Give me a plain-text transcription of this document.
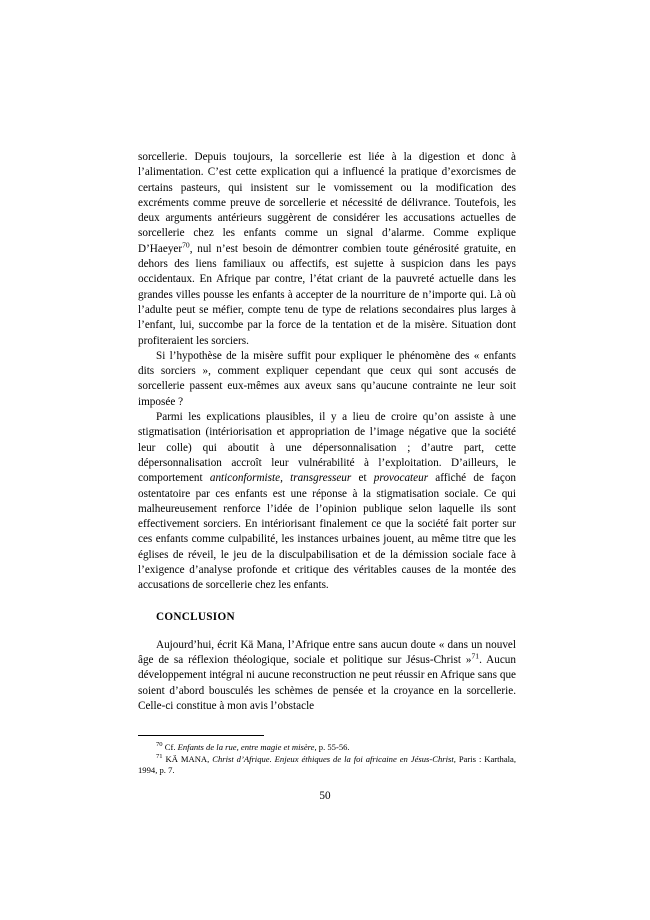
sorcellerie. Depuis toujours, la sorcellerie est liée à la digestion et donc à l’alimentation. C’est cette explication qui a influencé la pratique d’exorcismes de certains pasteurs, qui insistent sur le vomissement ou la modification des excréments comme preuve de sorcellerie et nécessité de délivrance. Toutefois, les deux arguments antérieurs suggèrent de considérer les accusations actuelles de sorcellerie chez les enfants comme un signal d’alarme. Comme explique D’Haeyer$^{70}$, nul n’est besoin de démontrer combien toute générosité gratuite, en dehors des liens familiaux ou affectifs, est sujette à suspicion dans les pays occidentaux. En Afrique par contre, l’état criant de la pauvreté actuelle dans les grandes villes pousse les enfants à accepter de la nourriture de n’importe qui. Là où l’adulte peut se méfier, compte tenu de type de relations secondaires plus larges à l’enfant, lui, succombe par la force de la tentation et de la misère. Situation dont profiteraient les sorciers.

Si l’hypothèse de la misère suffit pour expliquer le phénomène des « enfants dits sorciers », comment expliquer cependant que ceux qui sont accusés de sorcellerie passent eux-mêmes aux aveux sans qu’aucune contrainte ne leur soit imposée ?

Parmi les explications plausibles, il y a lieu de croire qu’on assiste à une stigmatisation (intériorisation et appropriation de l’image négative que la société leur colle) qui aboutit à une dépersonnalisation ; d’autre part, cette dépersonnalisation accroît leur vulnérabilité à l’exploitation. D’ailleurs, le comportement anticonformiste, transgresseur et provocateur affiché de façon ostentatoire par ces enfants est une réponse à la stigmatisation sociale. Ce qui malheureusement renforce l’idée de l’opinion publique selon laquelle ils sont effectivement sorciers. En intériorisant finalement ce que la société fait porter sur ces enfants comme culpabilité, les instances urbaines jouent, au même titre que les églises de réveil, le jeu de la disculpabilisation et de la démission sociale face à l’exigence d’analyse profonde et critique des véritables causes de la montée des accusations de sorcellerie chez les enfants.

CONCLUSION

Aujourd’hui, écrit Kä Mana, l’Afrique entre sans aucun doute « dans un nouvel âge de sa réflexion théologique, sociale et politique sur Jésus-Christ »$^{71}$. Aucun développement intégral ni aucune reconstruction ne peut réussir en Afrique sans que soient d’abord bousculés les schèmes de pensée et la croyance en la sorcellerie. Celle-ci constitue à mon avis l’obstacle

$^{70}$ Cf. Enfants de la rue, entre magie et misère, p. 55-56.

$^{71}$ KÄ MANA, Christ d’Afrique. Enjeux éthiques de la foi africaine en Jésus-Christ, Paris : Karthala, 1994, p. 7.

50
